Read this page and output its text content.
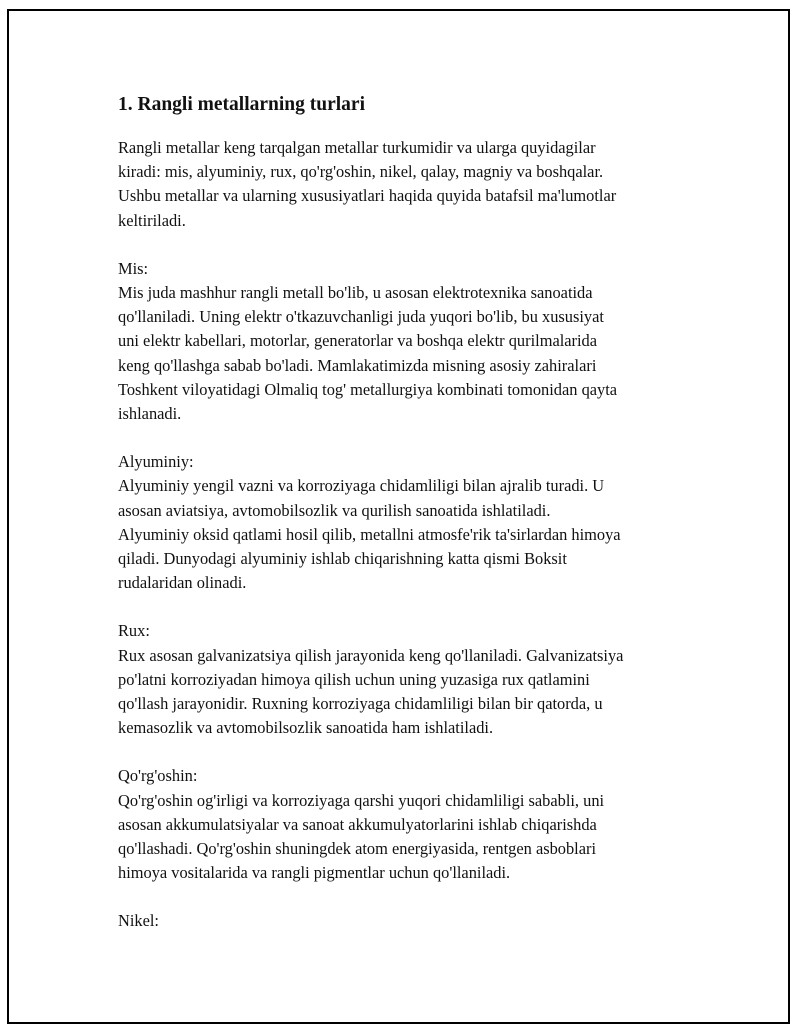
1. Rangli metallarning turlari

Rangli metallar keng tarqalgan metallar turkumidir va ularga quyidagilar
kiradi: mis, alyuminiy, rux, qo'rg'oshin, nikel, qalay, magniy va boshqalar.
Ushbu metallar va ularning xususiyatlari haqida quyida batafsil ma'lumotlar
keltiriladi.

Mis:
Mis juda mashhur rangli metall bo'lib, u asosan elektrotexnika sanoatida
qo'llaniladi. Uning elektr o'tkazuvchanligi juda yuqori bo'lib, bu xususiyat
uni elektr kabellari, motorlar, generatorlar va boshqa elektr qurilmalarida
keng qo'llashga sabab bo'ladi. Mamlakatimizda misning asosiy zahiralari
Toshkent viloyatidagi Olmaliq tog' metallurgiya kombinati tomonidan qayta
ishlanadi.

Alyuminiy:
Alyuminiy yengil vazni va korroziyaga chidamliligi bilan ajralib turadi. U
asosan aviatsiya, avtomobilsozlik va qurilish sanoatida ishlatiladi.
Alyuminiy oksid qatlami hosil qilib, metallni atmosfe'rik ta'sirlardan himoya
qiladi. Dunyodagi alyuminiy ishlab chiqarishning katta qismi Boksit
rudalaridan olinadi.

Rux:
Rux asosan galvanizatsiya qilish jarayonida keng qo'llaniladi. Galvanizatsiya
po'latni korroziyadan himoya qilish uchun uning yuzasiga rux qatlamini
qo'llash jarayonidir. Ruxning korroziyaga chidamliligi bilan bir qatorda, u
kemasozlik va avtomobilsozlik sanoatida ham ishlatiladi.

Qo'rg'oshin:
Qo'rg'oshin og'irligi va korroziyaga qarshi yuqori chidamliligi sababli, uni
asosan akkumulatsiyalar va sanoat akkumulyatorlarini ishlab chiqarishda
qo'llashadi. Qo'rg'oshin shuningdek atom energiyasida, rentgen asboblari
himoya vositalarida va rangli pigmentlar uchun qo'llaniladi.

Nikel:
